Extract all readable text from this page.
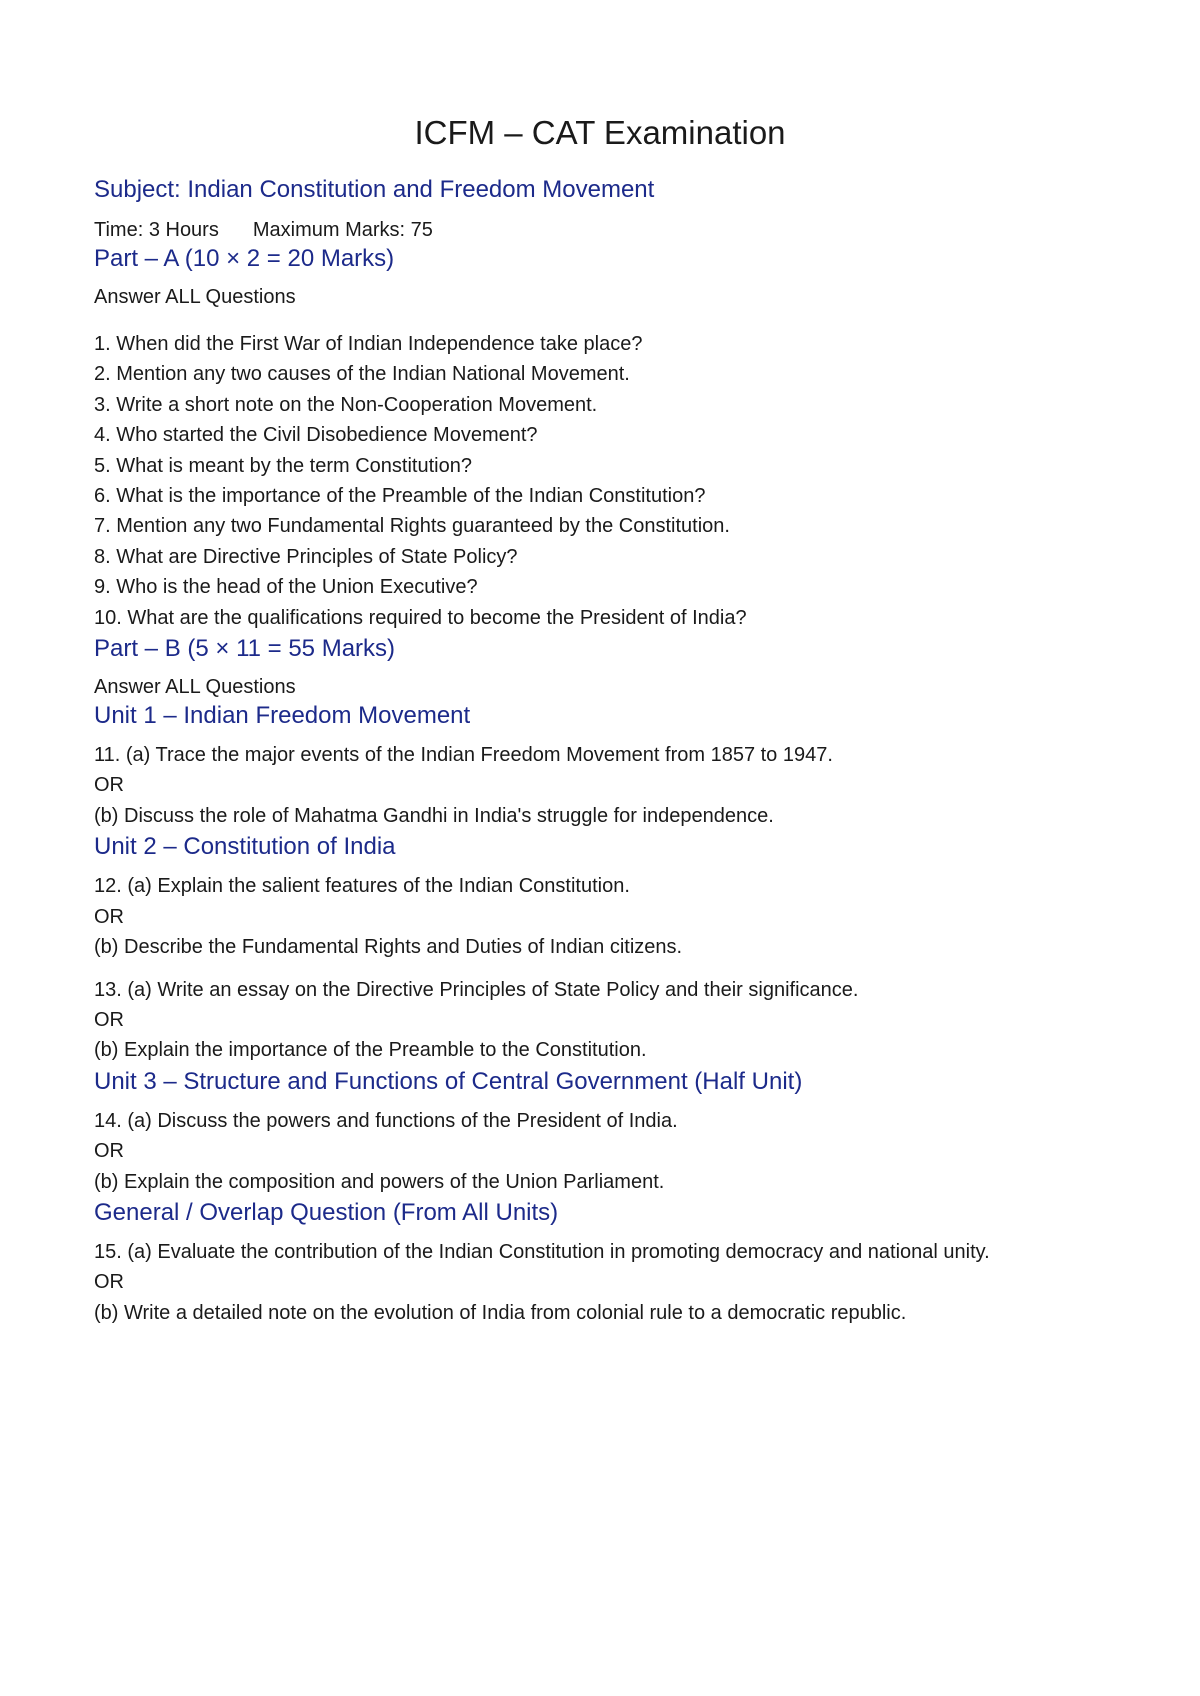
ICFM – CAT Examination

Subject: Indian Constitution and Freedom Movement

Time: 3 Hours Maximum Marks: 75
Part – A (10 × 2 = 20 Marks)
Answer ALL Questions
1. When did the First War of Indian Independence take place?
2. Mention any two causes of the Indian National Movement.
3. Write a short note on the Non-Cooperation Movement.
4. Who started the Civil Disobedience Movement?
5. What is meant by the term Constitution?
6. What is the importance of the Preamble of the Indian Constitution?
7. Mention any two Fundamental Rights guaranteed by the Constitution.
8. What are Directive Principles of State Policy?
9. Who is the head of the Union Executive?
10. What are the qualifications required to become the President of India?
Part – B (5 × 11 = 55 Marks)
Answer ALL Questions
Unit 1 – Indian Freedom Movement
11. (a) Trace the major events of the Indian Freedom Movement from 1857 to 1947.
OR
(b) Discuss the role of Mahatma Gandhi in India's struggle for independence.
Unit 2 – Constitution of India
12. (a) Explain the salient features of the Indian Constitution.
OR
(b) Describe the Fundamental Rights and Duties of Indian citizens.
13. (a) Write an essay on the Directive Principles of State Policy and their significance.
OR
(b) Explain the importance of the Preamble to the Constitution.
Unit 3 – Structure and Functions of Central Government (Half Unit)
14. (a) Discuss the powers and functions of the President of India.
OR
(b) Explain the composition and powers of the Union Parliament.
General / Overlap Question (From All Units)
15. (a) Evaluate the contribution of the Indian Constitution in promoting democracy and national unity.
OR
(b) Write a detailed note on the evolution of India from colonial rule to a democratic republic.
